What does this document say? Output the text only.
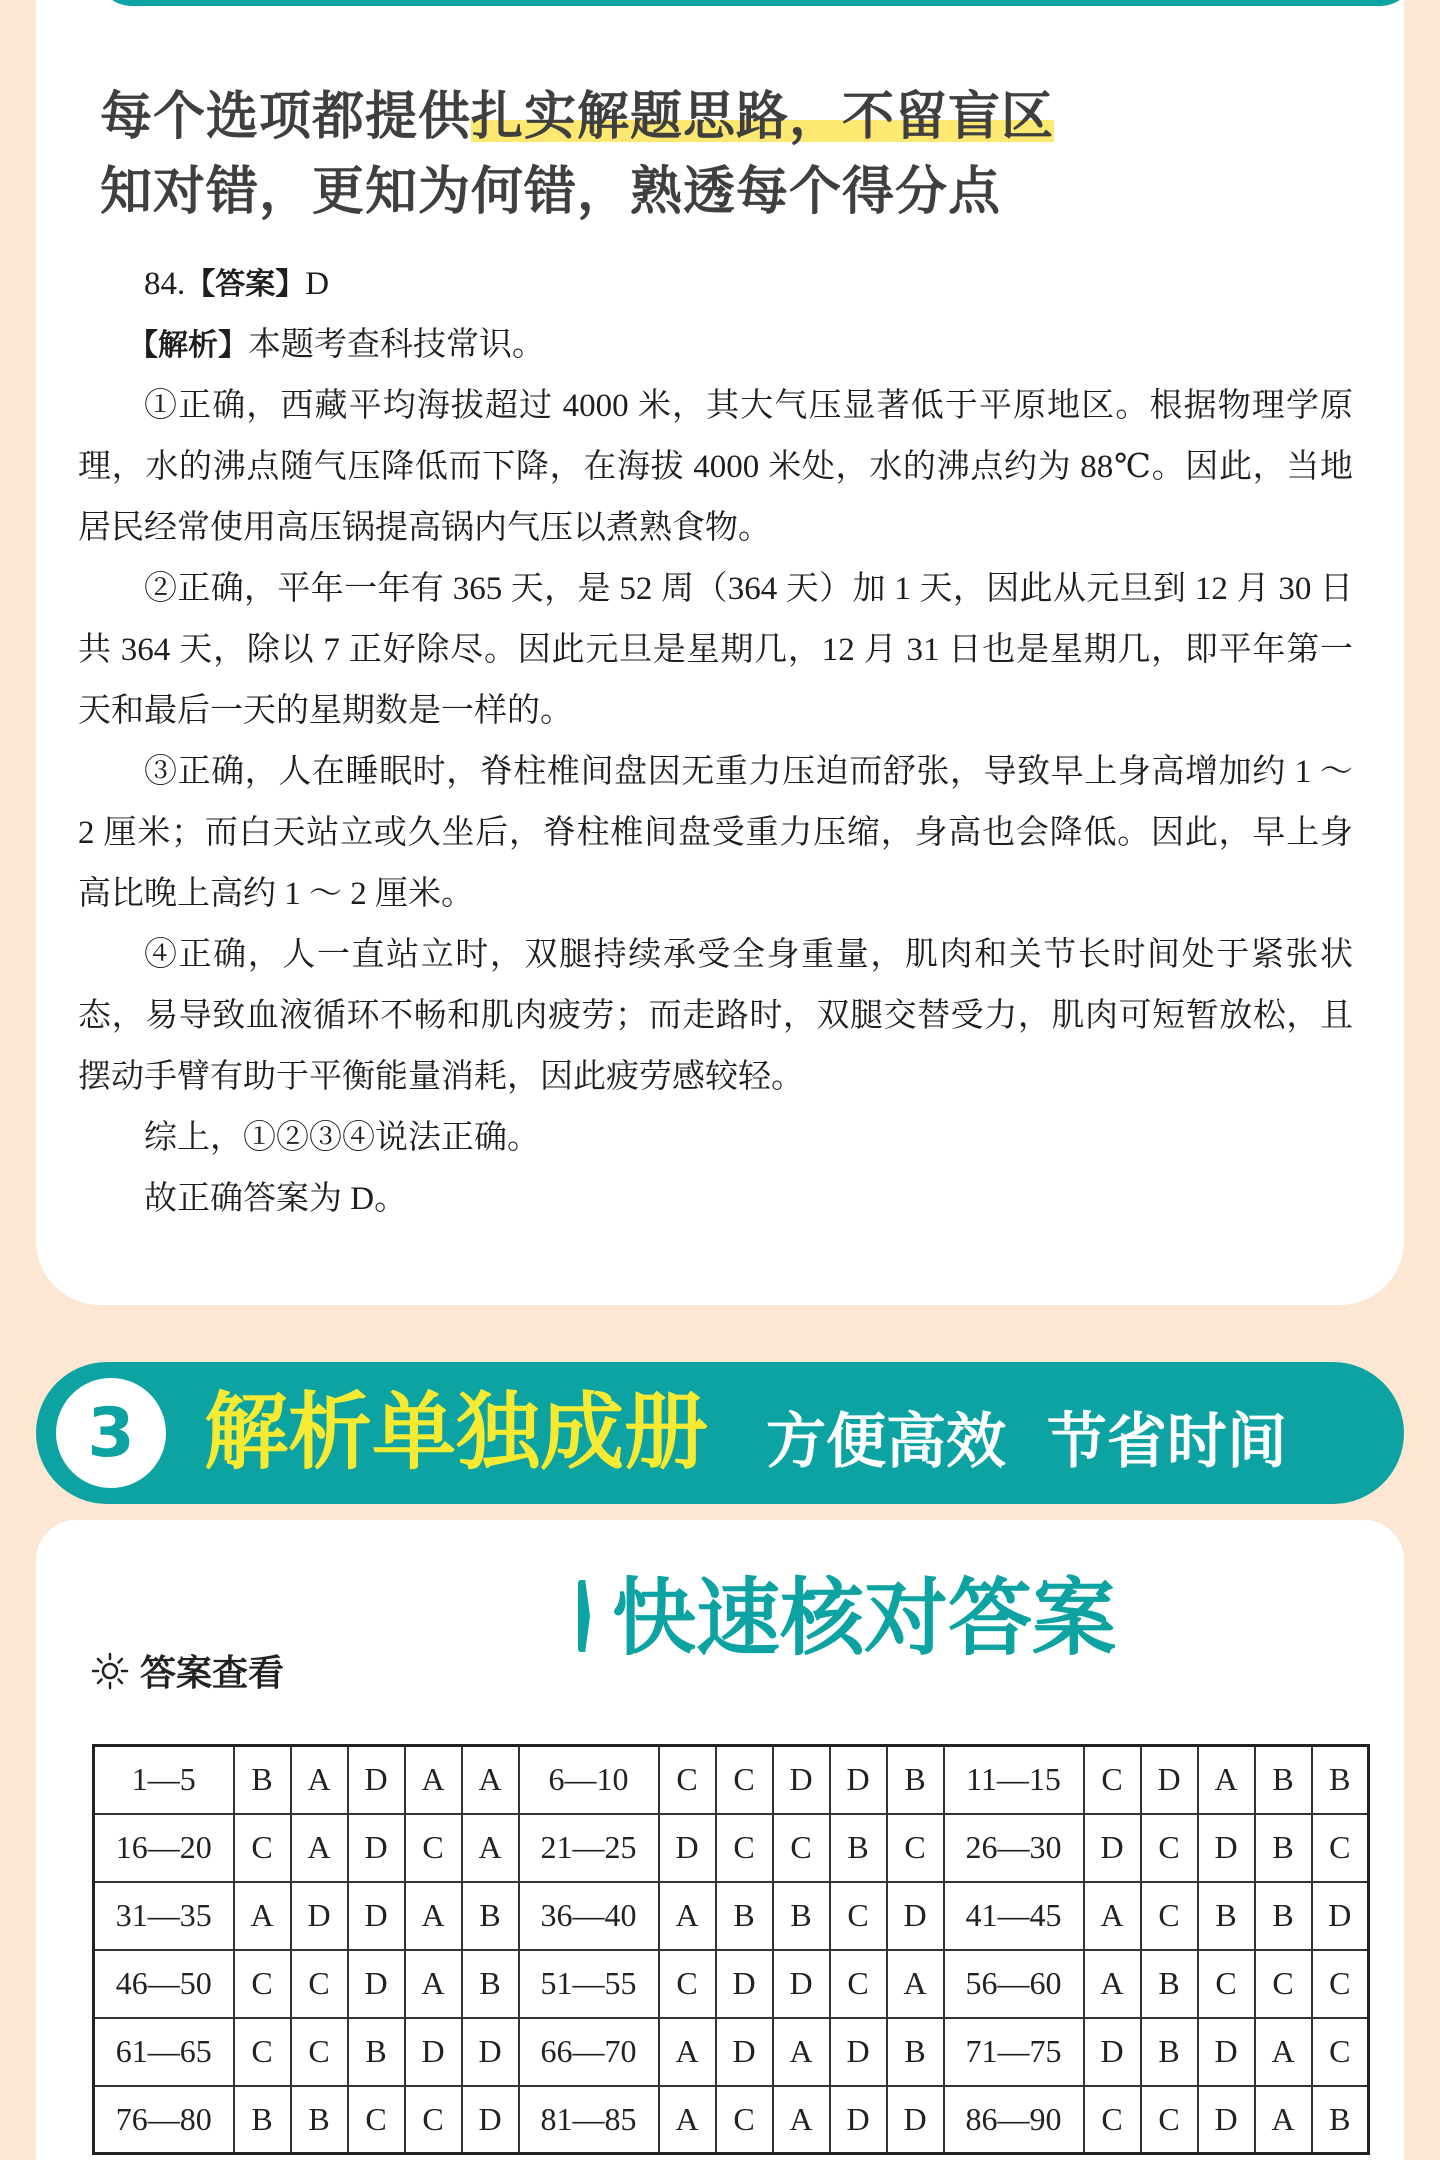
每个选项都提供扎实解题思路，不留盲区
知对错，更知为何错，熟透每个得分点

84.【答案】D

【解析】本题考查科技常识。

①正确，西藏平均海拔超过 4000 米，其大气压显著低于平原地区。根据物理学原理，水的沸点随气压降低而下降，在海拔 4000 米处，水的沸点约为 88℃。因此，当地居民经常使用高压锅提高锅内气压以煮熟食物。

②正确，平年一年有 365 天，是 52 周（364 天）加 1 天，因此从元旦到 12 月 30 日共 364 天，除以 7 正好除尽。因此元旦是星期几，12 月 31 日也是星期几，即平年第一天和最后一天的星期数是一样的。

③正确，人在睡眠时，脊柱椎间盘因无重力压迫而舒张，导致早上身高增加约 1 ～ 2 厘米；而白天站立或久坐后，脊柱椎间盘受重力压缩，身高也会降低。因此，早上身高比晚上高约 1 ～ 2 厘米。

④正确，人一直站立时，双腿持续承受全身重量，肌肉和关节长时间处于紧张状态，易导致血液循环不畅和肌肉疲劳；而走路时，双腿交替受力，肌肉可短暂放松，且摆动手臂有助于平衡能量消耗，因此疲劳感较轻。

综上，①②③④说法正确。

故正确答案为 D。

3 解析单独成册 方便高效 节省时间
快速核对答案
答案查看
1—5	B	A	D	A	A	6—10	C	C	D	D	B	11—15	C	D	A	B	B
16—20	C	A	D	C	A	21—25	D	C	C	B	C	26—30	D	C	D	B	C
31—35	A	D	D	A	B	36—40	A	B	B	C	D	41—45	A	C	B	B	D
46—50	C	C	D	A	B	51—55	C	D	D	C	A	56—60	A	B	C	C	C
61—65	C	C	B	D	D	66—70	A	D	A	D	B	71—75	D	B	D	A	C
76—80	B	B	C	C	D	81—85	A	C	A	D	D	86—90	C	C	D	A	B
